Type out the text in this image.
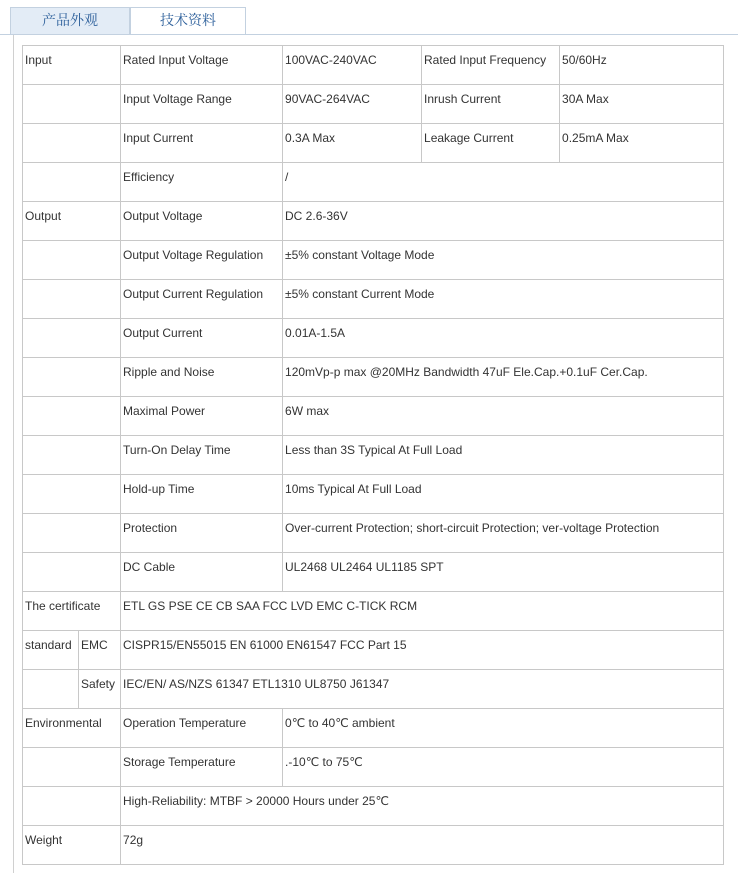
产品外观	技术资料
Input		Rated Input Voltage	100VAC-240VAC	Rated Input Frequency	50/60Hz
		Input Voltage Range	90VAC-264VAC	Inrush Current	30A Max
		Input Current	0.3A Max	Leakage Current	0.25mA Max
		Efficiency	/		
Output		Output Voltage	DC 2.6-36V		
		Output Voltage Regulation	±5% constant Voltage Mode		
		Output Current Regulation	±5% constant Current Mode		
		Output Current	0.01A-1.5A		
		Ripple and Noise	120mVp-p max @20MHz Bandwidth 47uF Ele.Cap.+0.1uF Cer.Cap.		
		Maximal Power	6W max		
		Turn-On Delay Time	Less than 3S Typical At Full Load		
		Hold-up Time	10ms Typical At Full Load		
		Protection	Over-current Protection; short-circuit Protection; ver-voltage Protection		
		DC Cable	UL2468 UL2464 UL1185 SPT		
The certificate		ETL GS PSE CE CB SAA FCC LVD EMC C-TICK RCM			
standard	EMC	CISPR15/EN55015 EN 61000 EN61547 FCC Part 15			
	Safety	IEC/EN/ AS/NZS 61347 ETL1310 UL8750 J61347			
Environmental		Operation Temperature	0℃ to 40℃ ambient		
		Storage Temperature	.-10℃ to 75℃		
		High-Reliability: MTBF > 20000 Hours under 25℃			
Weight		72g			
